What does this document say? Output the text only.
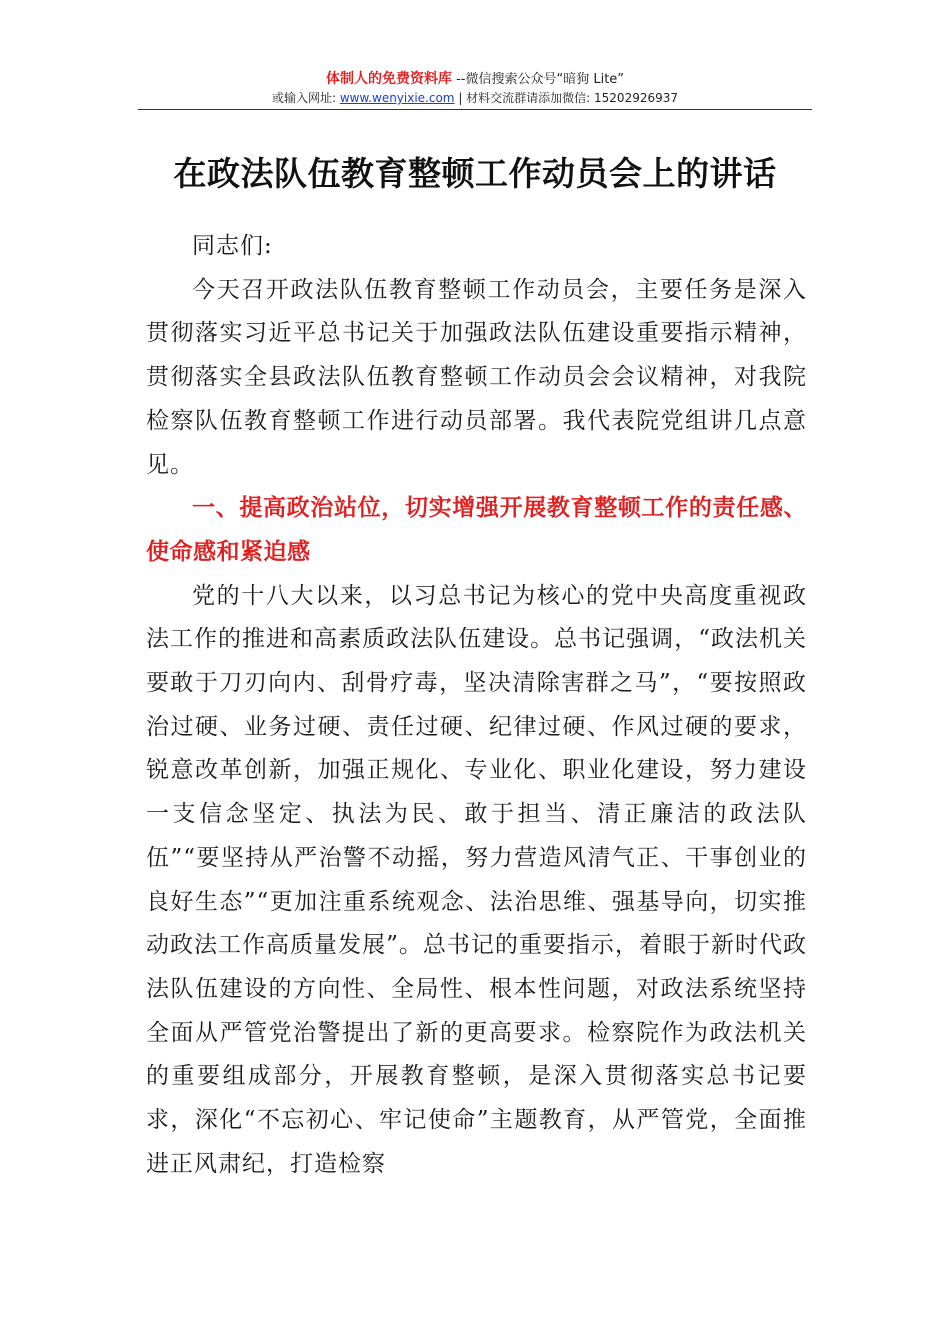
体制人的免费资料库 --微信搜索公众号“暗狗 Lite”
或输入网址: www.wenyixie.com | 材料交流群请添加微信: 15202926937
在政法队伍教育整顿工作动员会上的讲话

同志们:

今天召开政法队伍教育整顿工作动员会，主要任务是深入贯彻落实习近平总书记关于加强政法队伍建设重要指示精神，贯彻落实全县政法队伍教育整顿工作动员会会议精神，对我院检察队伍教育整顿工作进行动员部署。我代表院党组讲几点意见。

一、提高政治站位，切实增强开展教育整顿工作的责任感、使命感和紧迫感

党的十八大以来，以习总书记为核心的党中央高度重视政法工作的推进和高素质政法队伍建设。总书记强调，“政法机关要敢于刀刃向内、刮骨疗毒，坚决清除害群之马”，“要按照政治过硬、业务过硬、责任过硬、纪律过硬、作风过硬的要求，锐意改革创新，加强正规化、专业化、职业化建设，努力建设一支信念坚定、执法为民、敢于担当、清正廉洁的政法队伍”“要坚持从严治警不动摇，努力营造风清气正、干事创业的良好生态”“更加注重系统观念、法治思维、强基导向，切实推动政法工作高质量发展”。总书记的重要指示，着眼于新时代政法队伍建设的方向性、全局性、根本性问题，对政法系统坚持全面从严管党治警提出了新的更高要求。检察院作为政法机关的重要组成部分，开展教育整顿，是深入贯彻落实总书记要求，深化“不忘初心、牢记使命”主题教育，从严管党，全面推进正风肃纪，打造检察
